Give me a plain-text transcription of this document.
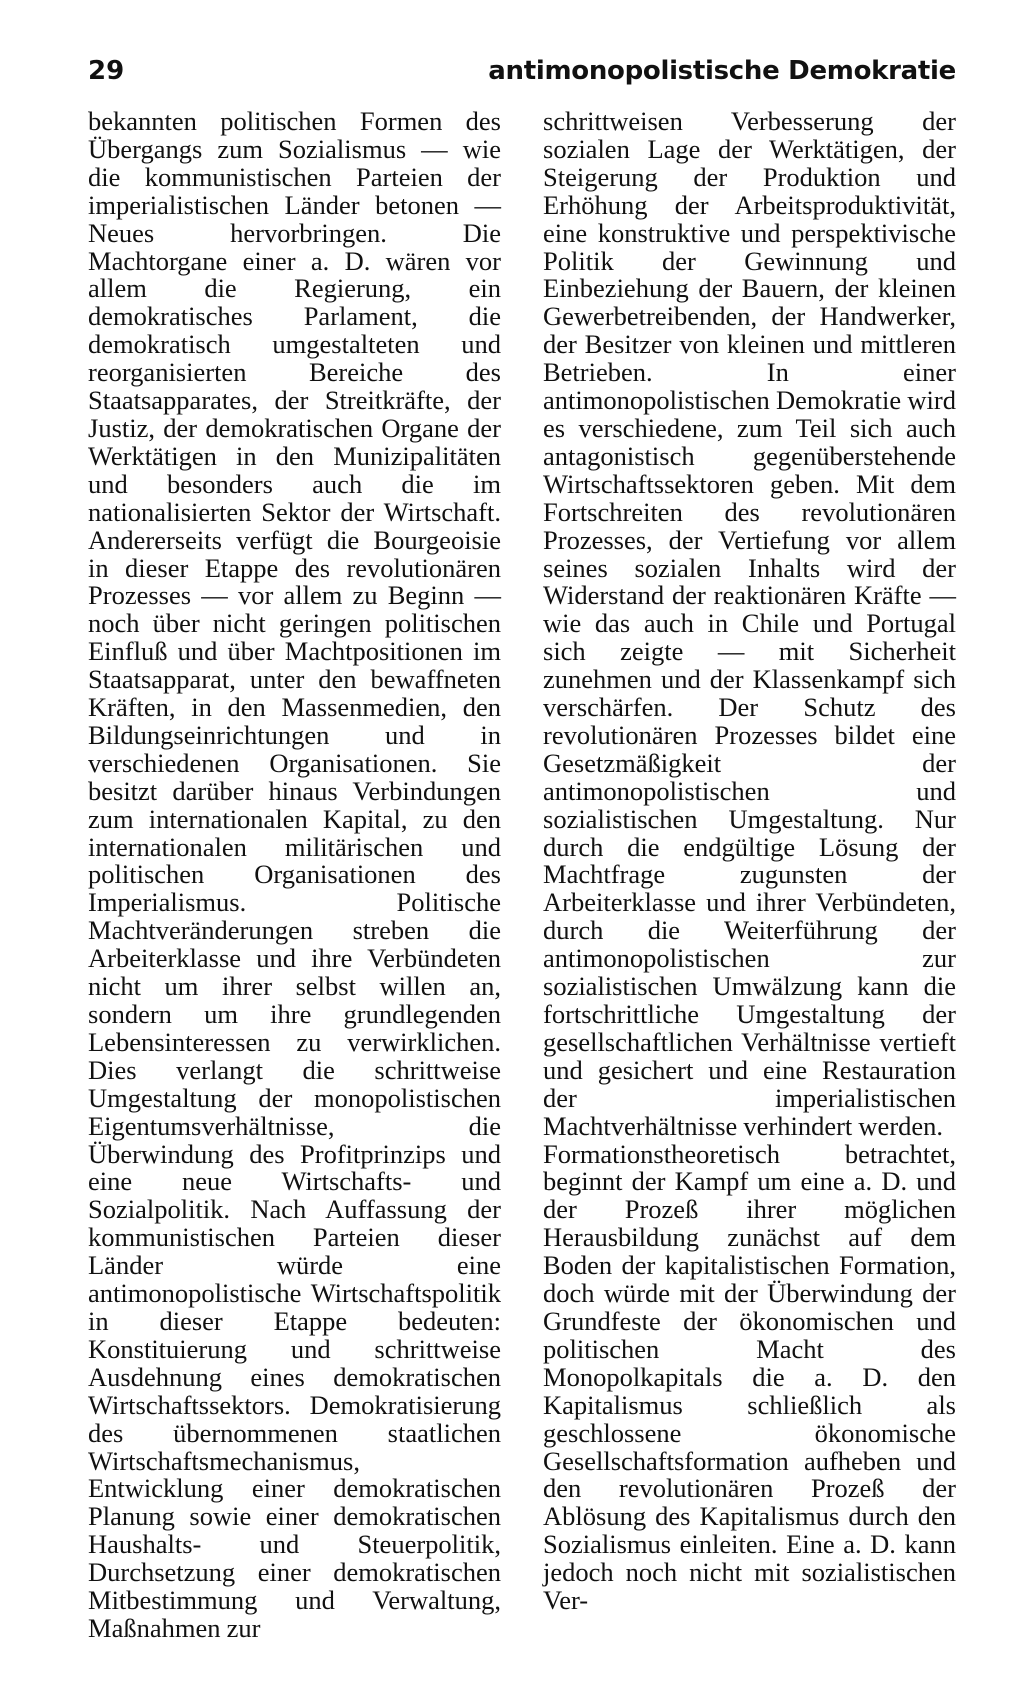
29	antimonopolistische Demokratie

bekannten politischen Formen des Übergangs zum Sozialismus — wie die kommunistischen Parteien der imperialistischen Länder betonen — Neues hervorbringen. Die Machtorgane einer a. D. wären vor allem die Regierung, ein demokratisches Parlament, die demokratisch umgestalteten und reorganisierten Bereiche des Staatsapparates, der Streitkräfte, der Justiz, der demokratischen Organe der Werktätigen in den Munizipalitäten und besonders auch die im nationalisierten Sektor der Wirtschaft. Andererseits verfügt die Bourgeoisie in dieser Etappe des revolutionären Prozesses — vor allem zu Beginn — noch über nicht geringen politischen Einfluß und über Machtpositionen im Staatsapparat, unter den bewaffneten Kräften, in den Massenmedien, den Bildungseinrichtungen und in verschiedenen Organisationen. Sie besitzt darüber hinaus Verbindungen zum internationalen Kapital, zu den internationalen militärischen und politischen Organisationen des Imperialismus. Politische Machtveränderungen streben die Arbeiterklasse und ihre Verbündeten nicht um ihrer selbst willen an, sondern um ihre grundlegenden Lebensinteressen zu verwirklichen. Dies verlangt die schrittweise Umgestaltung der monopolistischen Eigentumsverhältnisse, die Überwindung des Profitprinzips und eine neue Wirtschafts- und Sozialpolitik. Nach Auffassung der kommunistischen Parteien dieser Länder würde eine antimonopolistische Wirtschaftspolitik in dieser Etappe bedeuten: Konstituierung und schrittweise Ausdehnung eines demokratischen Wirtschaftssektors. Demokratisierung des übernommenen staatlichen Wirtschaftsmechanismus, Entwicklung einer demokratischen Planung sowie einer demokratischen Haushalts- und Steuerpolitik, Durchsetzung einer demokratischen Mitbestimmung und Verwaltung, Maßnahmen zur

schrittweisen Verbesserung der sozialen Lage der Werktätigen, der Steigerung der Produktion und Erhöhung der Arbeitsproduktivität, eine konstruktive und perspektivische Politik der Gewinnung und Einbeziehung der Bauern, der kleinen Gewerbetreibenden, der Handwerker, der Besitzer von kleinen und mittleren Betrieben. In einer antimonopolistischen Demokratie wird es verschiedene, zum Teil sich auch antagonistisch gegenüberstehende Wirtschaftssektoren geben. Mit dem Fortschreiten des revolutionären Prozesses, der Vertiefung vor allem seines sozialen Inhalts wird der Widerstand der reaktionären Kräfte — wie das auch in Chile und Portugal sich zeigte — mit Sicherheit zunehmen und der Klassenkampf sich verschärfen. Der Schutz des revolutionären Prozesses bildet eine Gesetzmäßigkeit der antimonopolistischen und sozialistischen Umgestaltung. Nur durch die endgültige Lösung der Machtfrage zugunsten der Arbeiterklasse und ihrer Verbündeten, durch die Weiterführung der antimonopolistischen zur sozialistischen Umwälzung kann die fortschrittliche Umgestaltung der gesellschaftlichen Verhältnisse vertieft und gesichert und eine Restauration der imperialistischen Machtverhältnisse verhindert werden.

Formationstheoretisch betrachtet, beginnt der Kampf um eine a. D. und der Prozeß ihrer möglichen Herausbildung zunächst auf dem Boden der kapitalistischen Formation, doch würde mit der Überwindung der Grundfeste der ökonomischen und politischen Macht des Monopolkapitals die a. D. den Kapitalismus schließlich als geschlossene ökonomische Gesellschaftsformation aufheben und den revolutionären Prozeß der Ablösung des Kapitalismus durch den Sozialismus einleiten. Eine a. D. kann jedoch noch nicht mit sozialistischen Ver-
